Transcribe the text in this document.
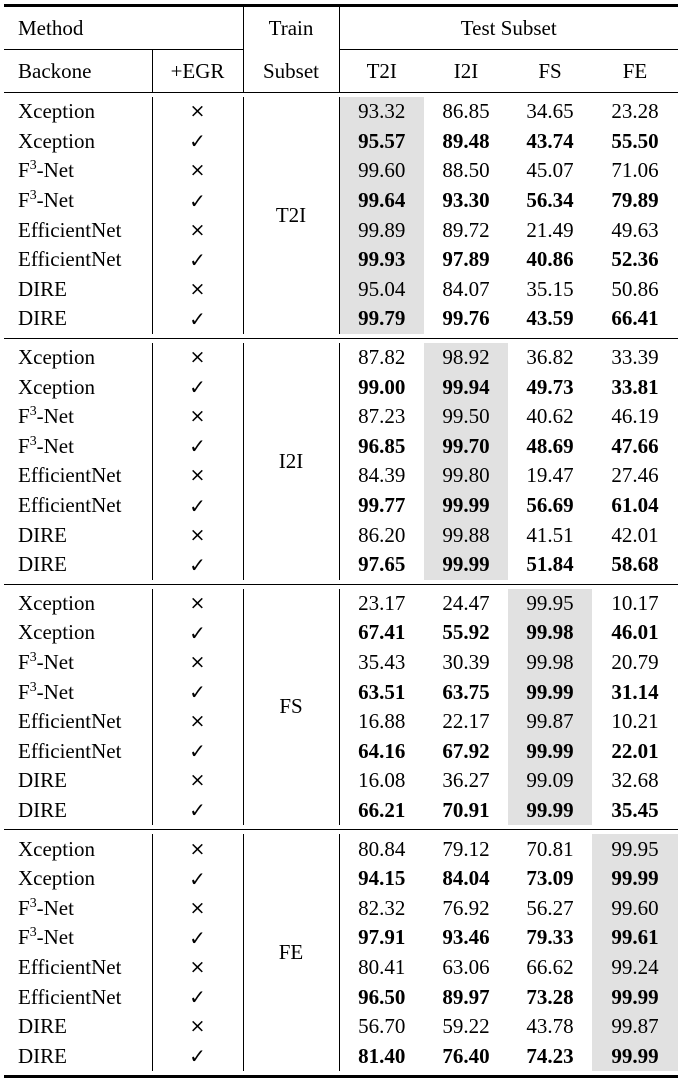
Method		Train	Test Subset			

Backone	+EGR	Subset	T2I	I2I	FS	FE

Xception	×	T2I	93.32	86.85	34.65	23.28
Xception	✓		95.57	89.48	43.74	55.50
$F^3$-Net	×		99.60	88.50	45.07	71.06
$F^3$-Net	✓		99.64	93.30	56.34	79.89
EfficientNet	×		99.89	89.72	21.49	49.63
EfficientNet	✓		99.93	97.89	40.86	52.36
DIRE	×		95.04	84.07	35.15	50.86
DIRE	✓		99.79	99.76	43.59	66.41

Xception	×	I2I	87.82	98.92	36.82	33.39
Xception	✓		99.00	99.94	49.73	33.81
$F^3$-Net	×		87.23	99.50	40.62	46.19
$F^3$-Net	✓		96.85	99.70	48.69	47.66
EfficientNet	×		84.39	99.80	19.47	27.46
EfficientNet	✓		99.77	99.99	56.69	61.04
DIRE	×		86.20	99.88	41.51	42.01
DIRE	✓		97.65	99.99	51.84	58.68

Xception	×	FS	23.17	24.47	99.95	10.17
Xception	✓		67.41	55.92	99.98	46.01
$F^3$-Net	×		35.43	30.39	99.98	20.79
$F^3$-Net	✓		63.51	63.75	99.99	31.14
EfficientNet	×		16.88	22.17	99.87	10.21
EfficientNet	✓		64.16	67.92	99.99	22.01
DIRE	×		16.08	36.27	99.09	32.68
DIRE	✓		66.21	70.91	99.99	35.45

Xception	×	FE	80.84	79.12	70.81	99.95
Xception	✓		94.15	84.04	73.09	99.99
$F^3$-Net	×		82.32	76.92	56.27	99.60
$F^3$-Net	✓		97.91	93.46	79.33	99.61
EfficientNet	×		80.41	63.06	66.62	99.24
EfficientNet	✓		96.50	89.97	73.28	99.99
DIRE	×		56.70	59.22	43.78	99.87
DIRE	✓		81.40	76.40	74.23	99.99
